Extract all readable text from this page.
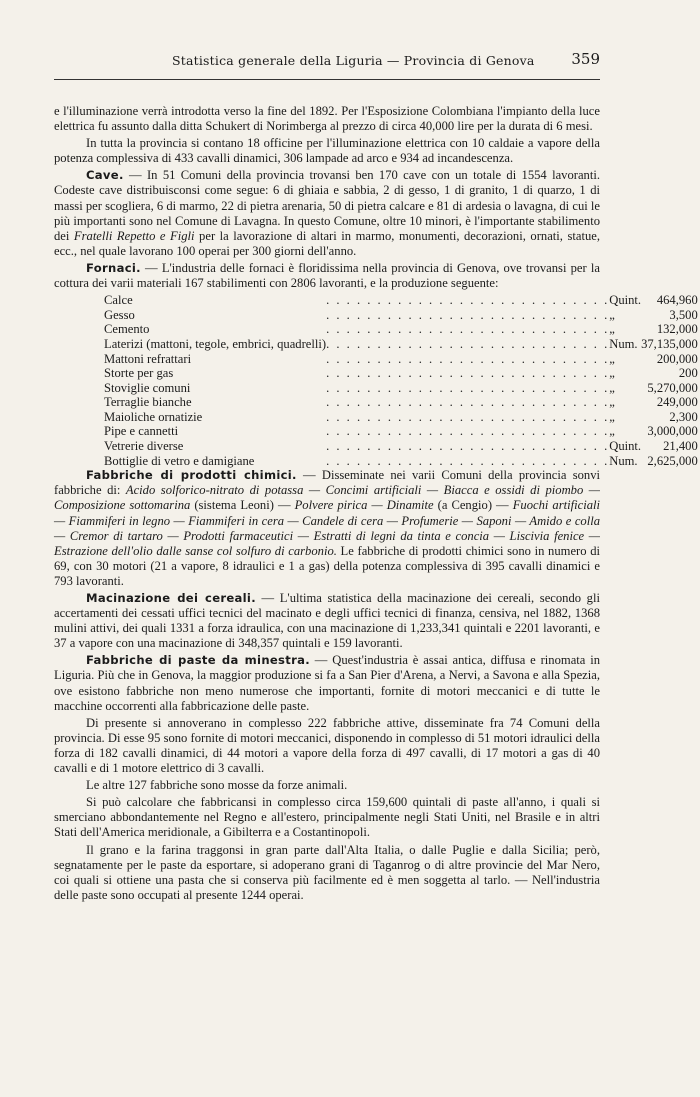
Statistica generale della Liguria — Provincia di Genova 359

e l'illuminazione verrà introdotta verso la fine del 1892. Per l'Esposizione Colombiana l'impianto della luce elettrica fu assunto dalla ditta Schukert di Norimberga al prezzo di circa 40,000 lire per la durata di 6 mesi.

In tutta la provincia si contano 18 officine per l'illuminazione elettrica con 10 caldaie a vapore della potenza complessiva di 433 cavalli dinamici, 306 lampade ad arco e 934 ad incandescenza.

Cave. — In 51 Comuni della provincia trovansi ben 170 cave con un totale di 1554 lavoranti. Codeste cave distribuisconsi come segue: 6 di ghiaia e sabbia, 2 di gesso, 1 di granito, 1 di quarzo, 1 di massi per scogliera, 6 di marmo, 22 di pietra arenaria, 50 di pietra calcare e 81 di ardesia o lavagna, di cui le più importanti sono nel Comune di Lavagna. In questo Comune, oltre 10 minori, è l'importante stabilimento dei Fratelli Repetto e Figli per la lavorazione di altari in marmo, monumenti, decorazioni, ornati, statue, ecc., nel quale lavorano 100 operai per 300 giorni dell'anno.

Fornaci. — L'industria delle fornaci è floridissima nella provincia di Genova, ove trovansi per la cottura dei varii materiali 167 stabilimenti con 2806 lavoranti, e la produzione seguente:

Calce	. . . . . . . . . . . . . . . . . . . . . . . . . . . .	Quint.	464,960
Gesso	. . . . . . . . . . . . . . . . . . . . . . . . . . . .	„	3,500
Cemento	. . . . . . . . . . . . . . . . . . . . . . . . . . . .	„	132,000
Laterizi (mattoni, tegole, embrici, quadrelli)	. . . . . . . . . . . . . . . . . . . . . . . . . . . .	Num.	37,135,000
Mattoni refrattari	. . . . . . . . . . . . . . . . . . . . . . . . . . . .	„	200,000
Storte per gas	. . . . . . . . . . . . . . . . . . . . . . . . . . . .	„	200
Stoviglie comuni	. . . . . . . . . . . . . . . . . . . . . . . . . . . .	„	5,270,000
Terraglie bianche	. . . . . . . . . . . . . . . . . . . . . . . . . . . .	„	249,000
Maioliche ornatizie	. . . . . . . . . . . . . . . . . . . . . . . . . . . .	„	2,300
Pipe e cannetti	. . . . . . . . . . . . . . . . . . . . . . . . . . . .	„	3,000,000
Vetrerie diverse	. . . . . . . . . . . . . . . . . . . . . . . . . . . .	Quint.	21,400
Bottiglie di vetro e damigiane	. . . . . . . . . . . . . . . . . . . . . . . . . . . .	Num.	2,625,000

Fabbriche di prodotti chimici. — Disseminate nei varii Comuni della provincia sonvi fabbriche di: Acido solforico-nitrato di potassa — Concimi artificiali — Biacca e ossidi di piombo — Composizione sottomarina (sistema Leoni) — Polvere pirica — Dinamite (a Cengio) — Fuochi artificiali — Fiammiferi in legno — Fiammiferi in cera — Candele di cera — Profumerie — Saponi — Amido e colla — Cremor di tartaro — Prodotti farmaceutici — Estratti di legni da tinta e concia — Liscivia fenice — Estrazione dell'olio dalle sanse col solfuro di carbonio. Le fabbriche di prodotti chimici sono in numero di 69, con 30 motori (21 a vapore, 8 idraulici e 1 a gas) della potenza complessiva di 395 cavalli dinamici e 793 lavoranti.

Macinazione dei cereali. — L'ultima statistica della macinazione dei cereali, secondo gli accertamenti dei cessati uffici tecnici del macinato e degli uffici tecnici di finanza, censiva, nel 1882, 1368 mulini attivi, dei quali 1331 a forza idraulica, con una macinazione di 1,233,341 quintali e 2201 lavoranti, e 37 a vapore con una macinazione di 348,357 quintali e 159 lavoranti.

Fabbriche di paste da minestra. — Quest'industria è assai antica, diffusa e rinomata in Liguria. Più che in Genova, la maggior produzione si fa a San Pier d'Arena, a Nervi, a Savona e alla Spezia, ove esistono fabbriche non meno numerose che importanti, fornite di motori meccanici e di tutte le macchine occorrenti alla fabbricazione delle paste.

Di presente si annoverano in complesso 222 fabbriche attive, disseminate fra 74 Comuni della provincia. Di esse 95 sono fornite di motori meccanici, disponendo in complesso di 51 motori idraulici della forza di 182 cavalli dinamici, di 44 motori a vapore della forza di 497 cavalli, di 17 motori a gas di 40 cavalli e di 1 motore elettrico di 3 cavalli.

Le altre 127 fabbriche sono mosse da forze animali.

Si può calcolare che fabbricansi in complesso circa 159,600 quintali di paste all'anno, i quali si smerciano abbondantemente nel Regno e all'estero, principalmente negli Stati Uniti, nel Brasile e in altri Stati dell'America meridionale, a Gibilterra e a Costantinopoli.

Il grano e la farina traggonsi in gran parte dall'Alta Italia, o dalle Puglie e dalla Sicilia; però, segnatamente per le paste da esportare, si adoperano grani di Taganrog o di altre provincie del Mar Nero, coi quali si ottiene una pasta che si conserva più facilmente ed è men soggetta al tarlo. — Nell'industria delle paste sono occupati al presente 1244 operai.
